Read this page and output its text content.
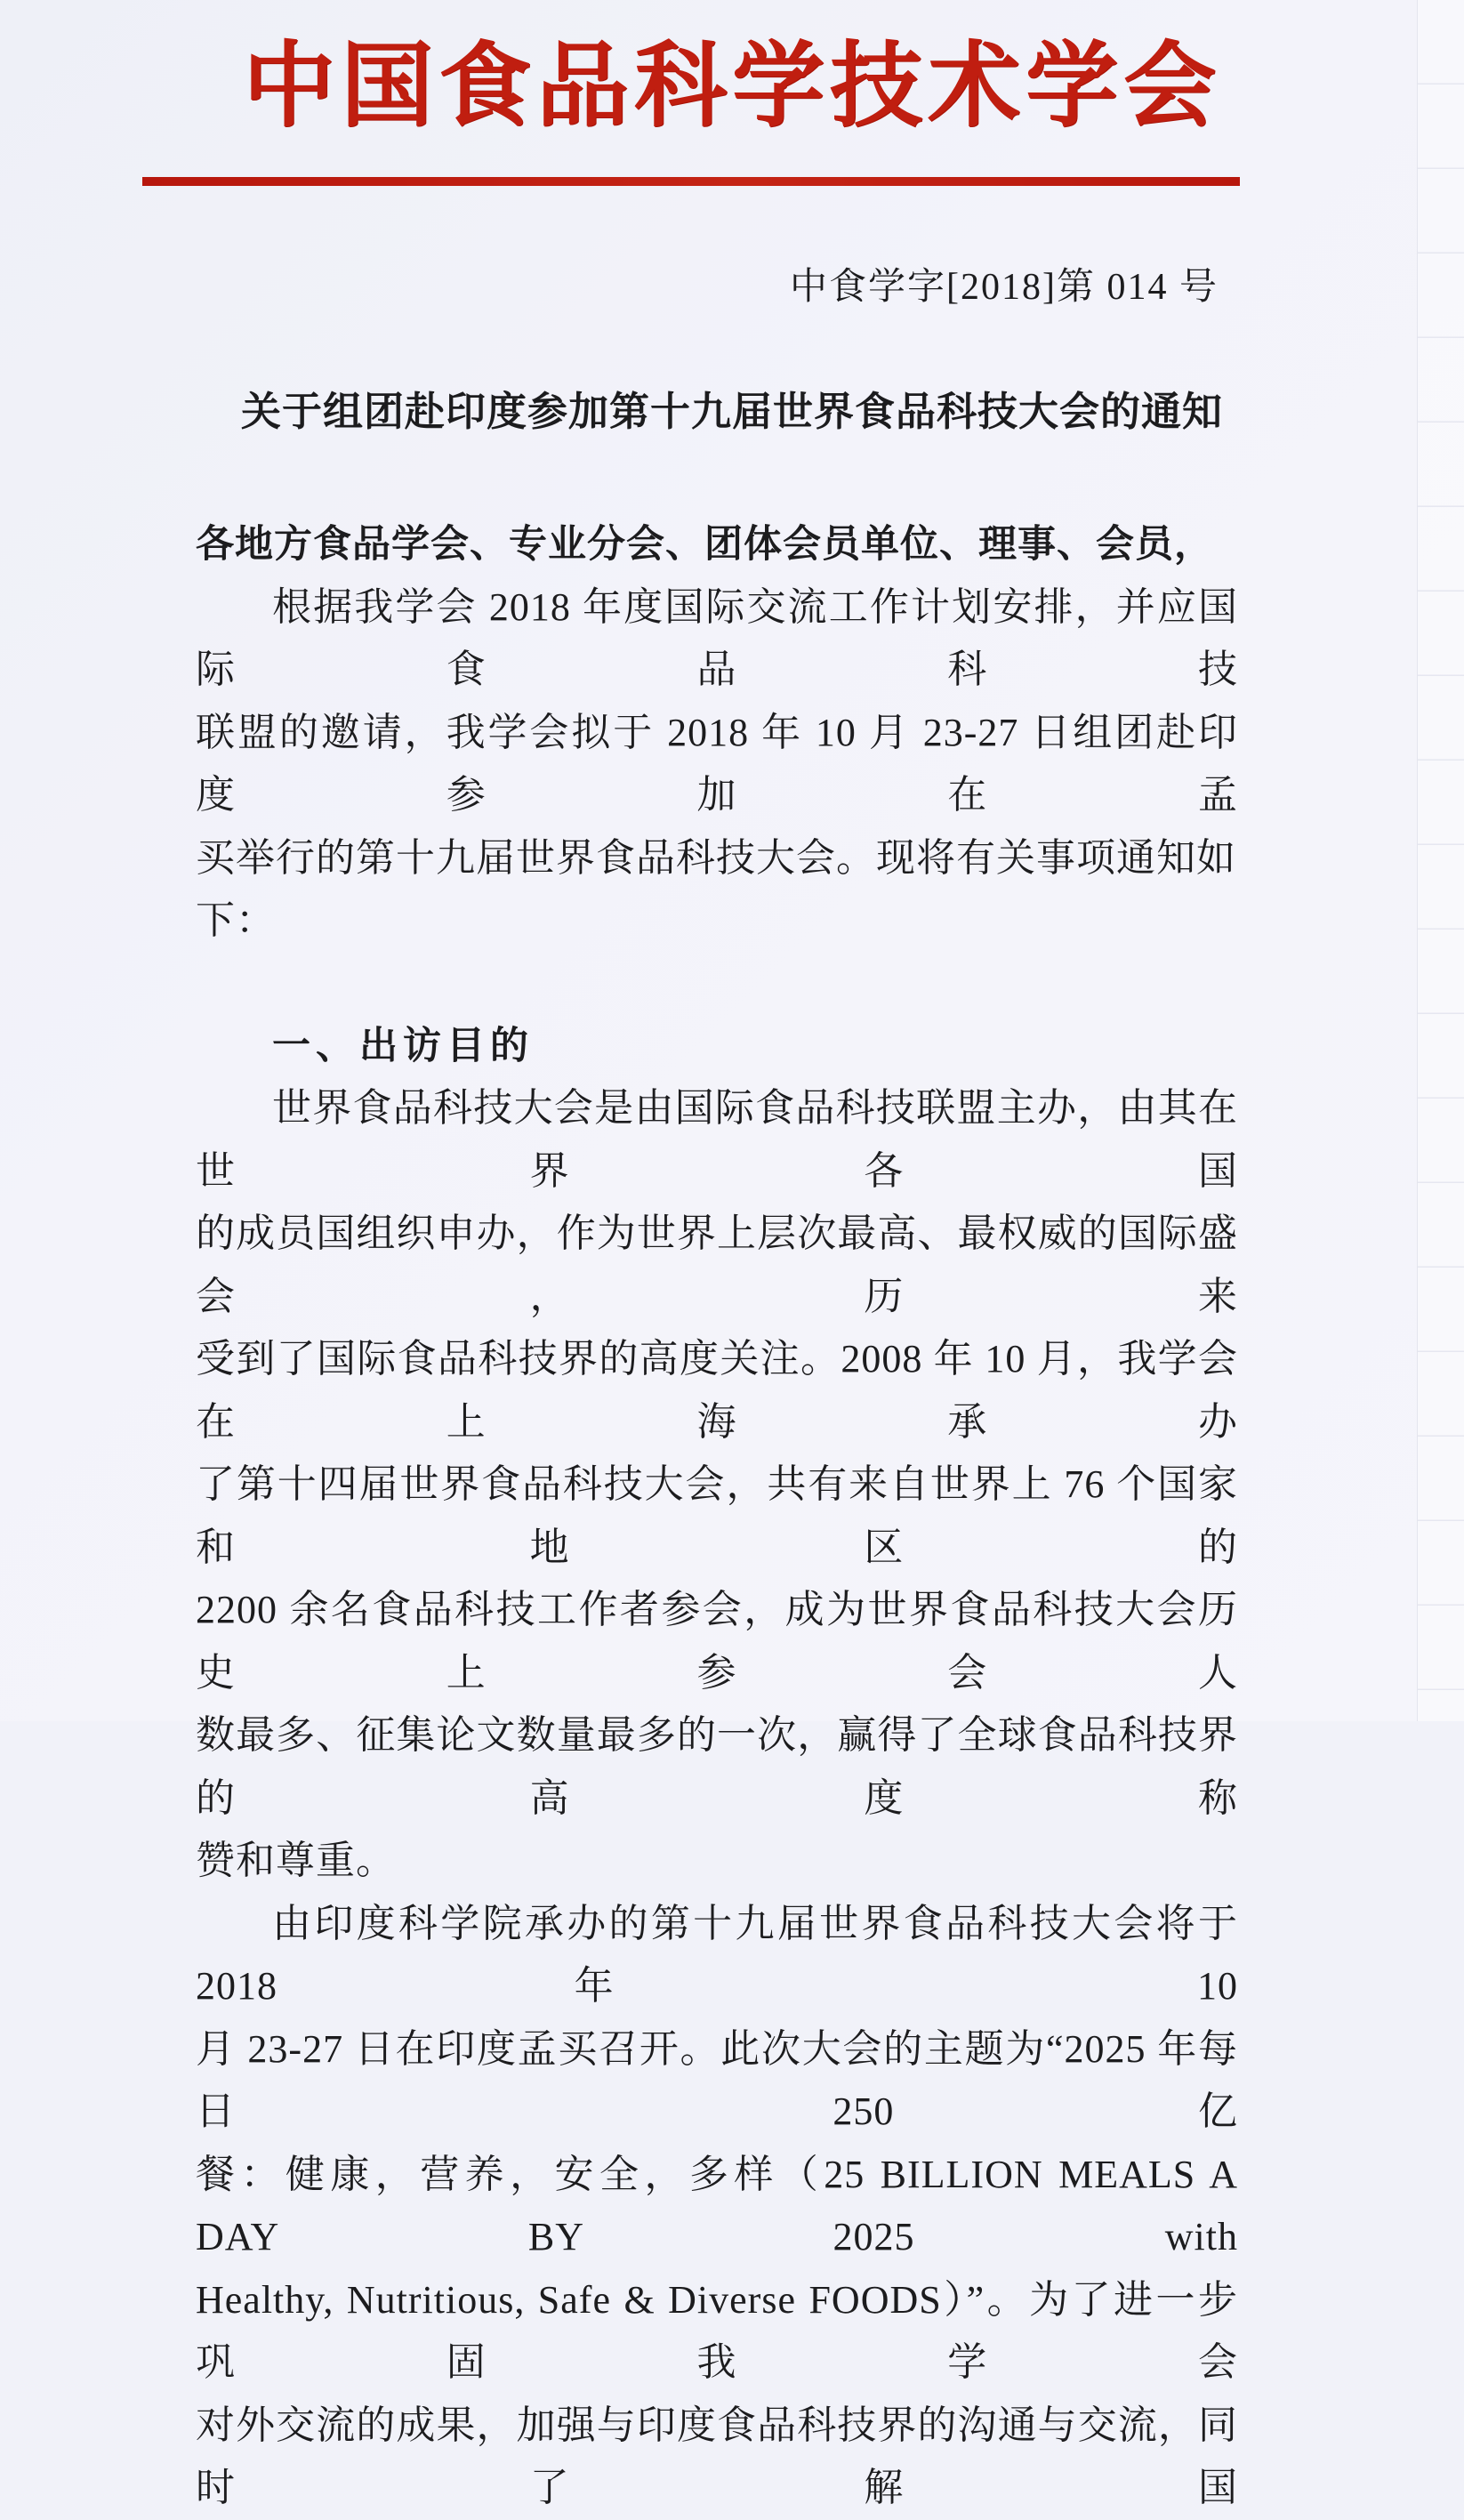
中国食品科学技术学会
中食学字[2018]第 014 号
关于组团赴印度参加第十九届世界食品科技大会的通知
各地方食品学会、专业分会、团体会员单位、理事、会员，
根据我学会 2018 年度国际交流工作计划安排，并应国际食品科技
联盟的邀请，我学会拟于 2018 年 10 月 23-27 日组团赴印度参加在孟
买举行的第十九届世界食品科技大会。现将有关事项通知如下：
一、出访目的
世界食品科技大会是由国际食品科技联盟主办，由其在世界各国
的成员国组织申办，作为世界上层次最高、最权威的国际盛会，历来
受到了国际食品科技界的高度关注。2008 年 10 月，我学会在上海承办
了第十四届世界食品科技大会，共有来自世界上 76 个国家和地区的
2200 余名食品科技工作者参会，成为世界食品科技大会历史上参会人
数最多、征集论文数量最多的一次，赢得了全球食品科技界的高度称
赞和尊重。
由印度科学院承办的第十九届世界食品科技大会将于 2018 年 10
月 23-27 日在印度孟买召开。此次大会的主题为“2025 年每日 250 亿
餐：健康，营养，安全，多样（25 BILLION MEALS A DAY BY 2025 with
Healthy, Nutritious, Safe & Diverse FOODS）”。为了进一步巩固我学会
对外交流的成果，加强与印度食品科技界的沟通与交流，同时了解国
